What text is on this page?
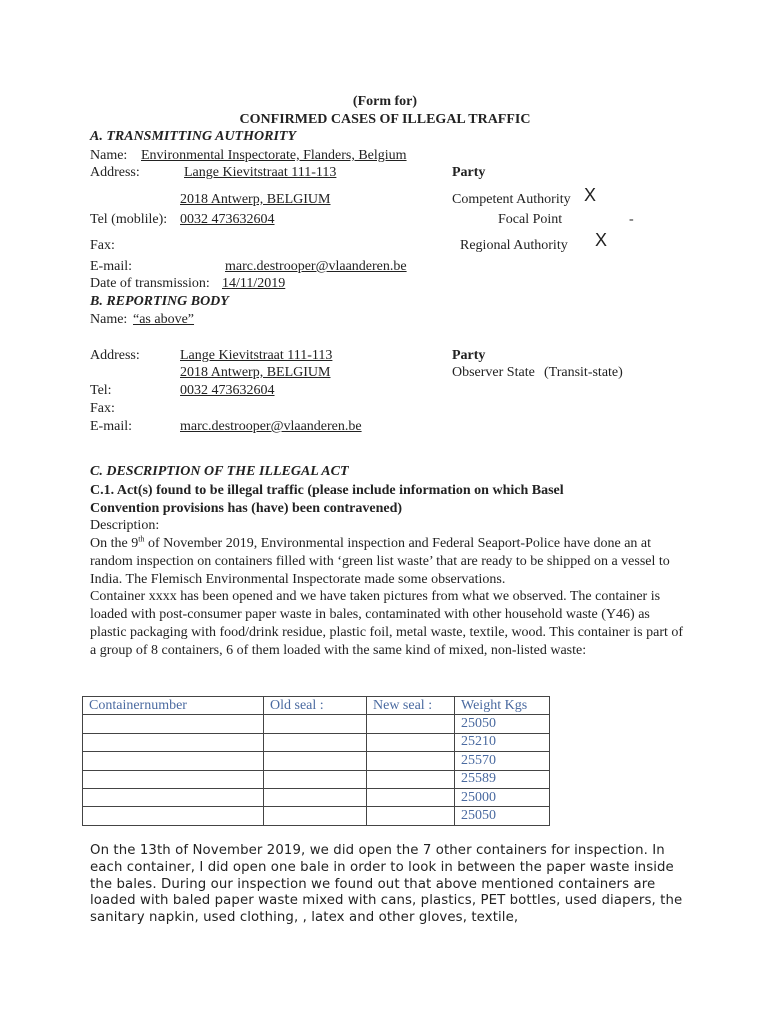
(Form for)
CONFIRMED CASES OF ILLEGAL TRAFFIC
A. TRANSMITTING AUTHORITY
Name: Environmental Inspectorate, Flanders, Belgium
Address:	Lange Kievitstraat 111-113	Party
2018 Antwerp, BELGIUM	Competent Authority X
Tel (moblile): 0032 473632604	Focal Point	-
Fax:	Regional Authority X
E-mail:	marc.destrooper@vlaanderen.be
Date of transmission: 14/11/2019
B. REPORTING BODY
Name: “as above”
Address:	Lange Kievitstraat 111-113	Party
2018 Antwerp, BELGIUM	Observer State (Transit-state)
Tel:	0032 473632604
Fax:
E-mail:	marc.destrooper@vlaanderen.be
C. DESCRIPTION OF THE ILLEGAL ACT
C.1. Act(s) found to be illegal traffic (please include information on which Basel
Convention provisions has (have) been contravened)
Description:

On the 9th of November 2019, Environmental inspection and Federal Seaport-Police have done an at random inspection on containers filled with ‘green list waste’ that are ready to be shipped on a vessel to India. The Flemisch Environmental Inspectorate made some observations.

Container xxxx has been opened and we have taken pictures from what we observed. The container is loaded with post-consumer paper waste in bales, contaminated with other household waste (Y46) as plastic packaging with food/drink residue, plastic foil, metal waste, textile, wood. This container is part of a group of 8 containers, 6 of them loaded with the same kind of mixed, non-listed waste:

Containernumber	Old seal :	New seal :	Weight Kgs
			25050
			25210
			25570
			25589
			25000
			25050
On the 13th of November 2019, we did open the 7 other containers for inspection. In each container, I did open one bale in order to look in between the paper waste inside the bales. During our inspection we found out that above mentioned containers are loaded with baled paper waste mixed with cans, plastics, PET bottles, used diapers, the sanitary napkin, used clothing, , latex and other gloves, textile,
